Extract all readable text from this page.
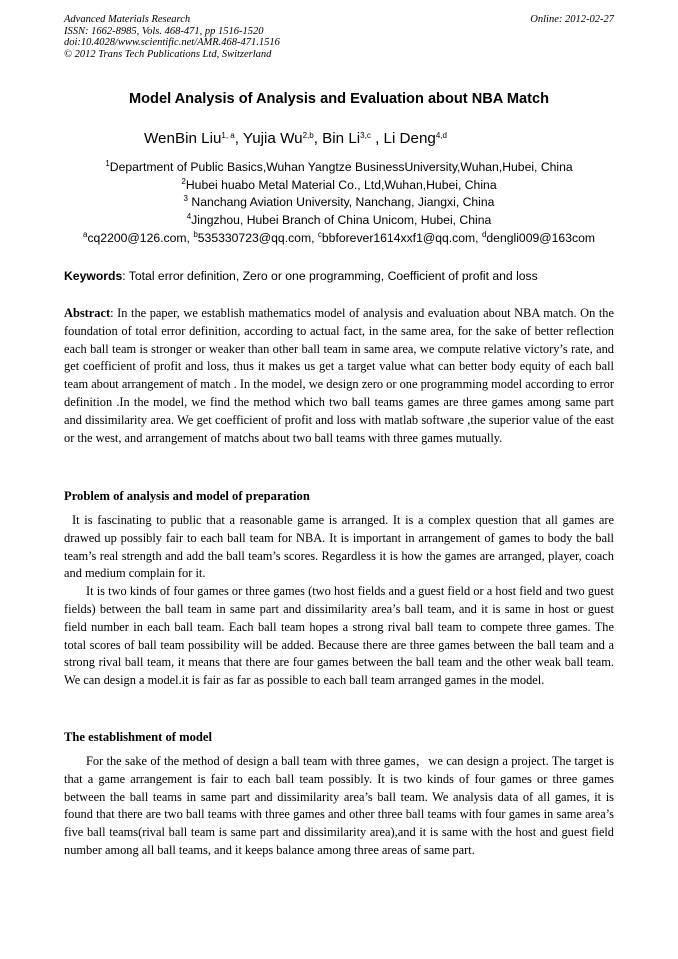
Advanced Materials Research
ISSN: 1662-8985, Vols. 468-471, pp 1516-1520
doi:10.4028/www.scientific.net/AMR.468-471.1516
© 2012 Trans Tech Publications Ltd, Switzerland
Online: 2012-02-27
Model Analysis of Analysis and Evaluation about NBA Match
WenBin Liu$^{1, a}$, Yujia Wu$^{2,b}$, Bin Li$^{3,c}$ , Li Deng$^{4,d}$
$^1$Department of Public Basics,Wuhan Yangtze BusinessUniversity,Wuhan,Hubei, China
$^2$Hubei huabo Metal Material Co., Ltd,Wuhan,Hubei, China
$^3$ Nanchang Aviation University, Nanchang, Jiangxi, China
$^4$Jingzhou, Hubei Branch of China Unicom, Hubei, China
$^a$cq2200@126.com, $^b$535330723@qq.com, $^c$bbforever1614xxf1@qq.com, $^d$dengli009@163com
Keywords: Total error definition, Zero or one programming, Coefficient of profit and loss
Abstract: In the paper, we establish mathematics model of analysis and evaluation about NBA match. On the foundation of total error definition, according to actual fact, in the same area, for the sake of better reflection each ball team is stronger or weaker than other ball team in same area, we compute relative victory’s rate, and get coefficient of profit and loss, thus it makes us get a target value what can better body equity of each ball team about arrangement of match . In the model, we design zero or one programming model according to error definition .In the model, we find the method which two ball teams games are three games among same part and dissimilarity area. We get coefficient of profit and loss with matlab software ,the superior value of the east or the west, and arrangement of matchs about two ball teams with three games mutually.
Problem of analysis and model of preparation

It is fascinating to public that a reasonable game is arranged. It is a complex question that all games are drawed up possibly fair to each ball team for NBA. It is important in arrangement of games to body the ball team’s real strength and add the ball team’s scores. Regardless it is how the games are arranged, player, coach and medium complain for it.

It is two kinds of four games or three games (two host fields and a guest field or a host field and two guest fields) between the ball team in same part and dissimilarity area’s ball team, and it is same in host or guest field number in each ball team. Each ball team hopes a strong rival ball team to compete three games. The total scores of ball team possibility will be added. Because there are three games between the ball team and a strong rival ball team, it means that there are four games between the ball team and the other weak ball team. We can design a model.it is fair as far as possible to each ball team arranged games in the model.

The establishment of model

For the sake of the method of design a ball team with three games，we can design a project. The target is that a game arrangement is fair to each ball team possibly. It is two kinds of four games or three games between the ball teams in same part and dissimilarity area’s ball team. We analysis data of all games, it is found that there are two ball teams with three games and other three ball teams with four games in same area’s five ball teams(rival ball team is same part and dissimilarity area),and it is same with the host and guest field number among all ball teams, and it keeps balance among three areas of same part.
